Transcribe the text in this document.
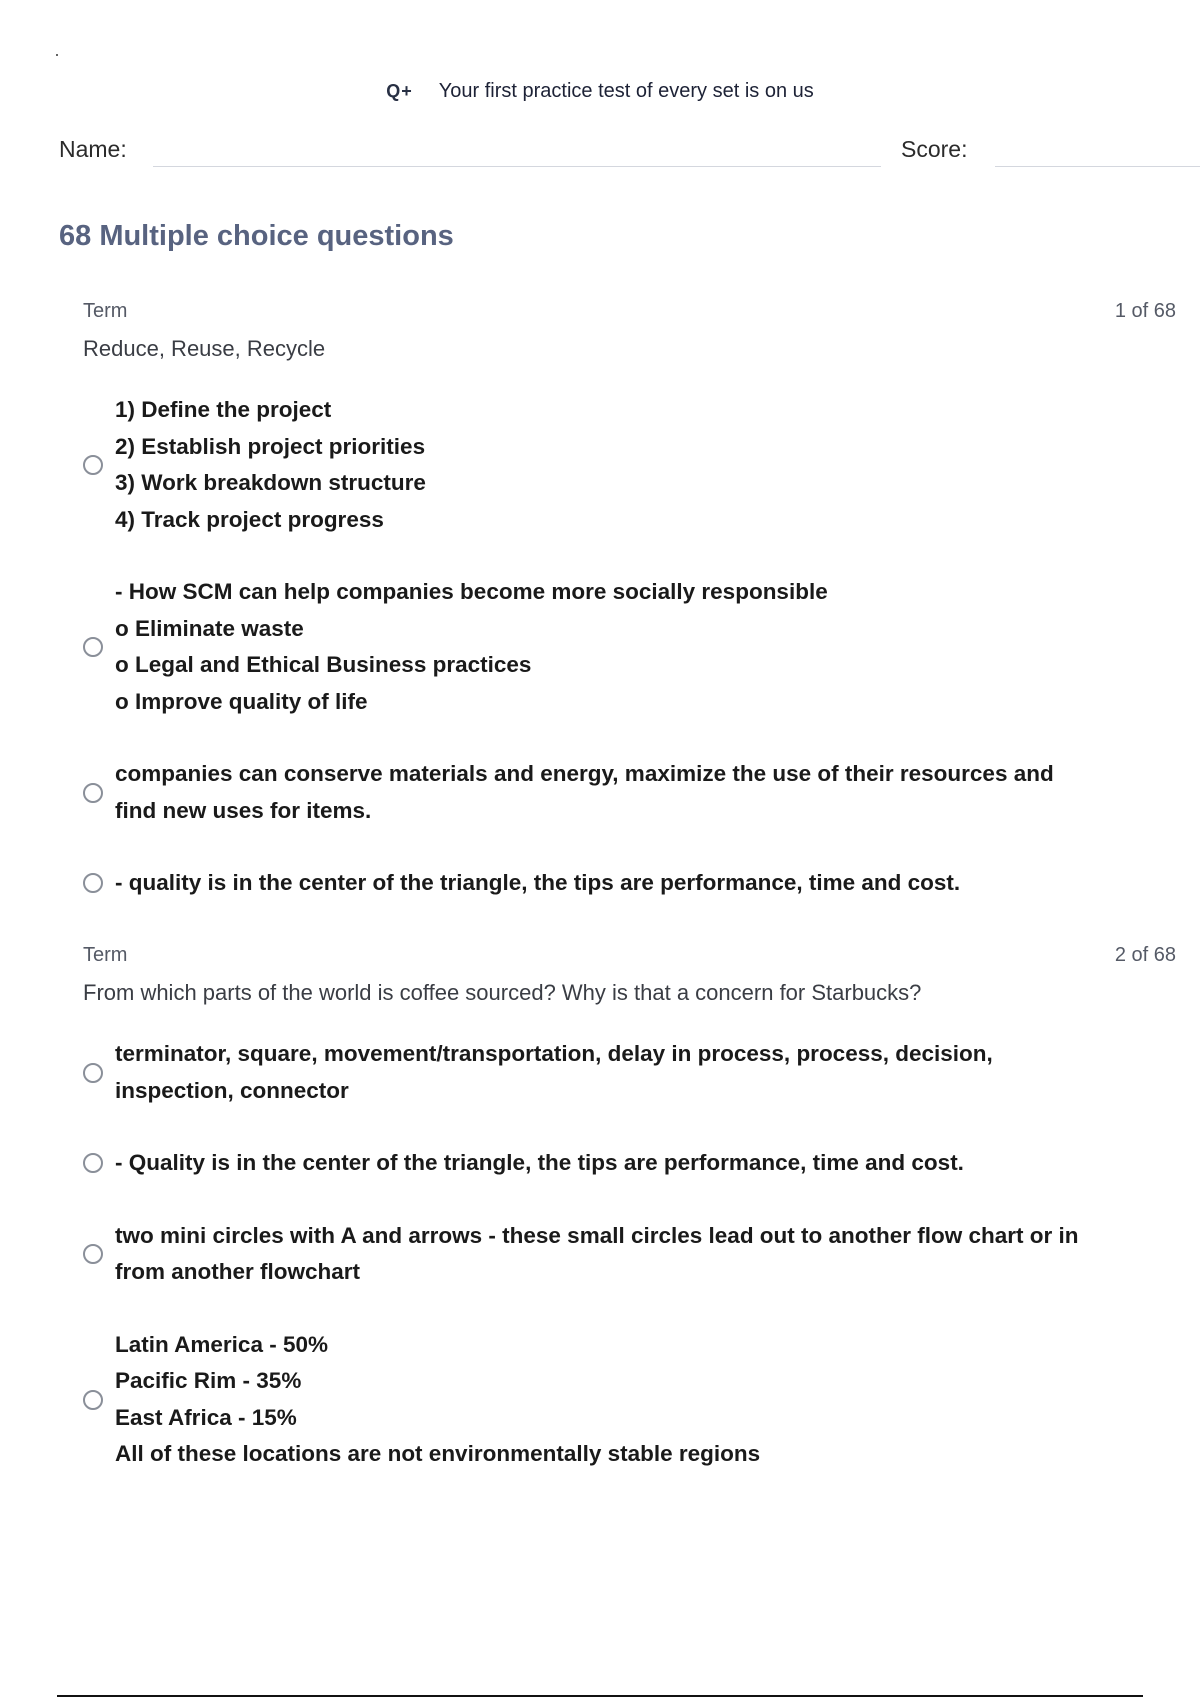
Q+ Your first practice test of every set is on us
Name:	Score:
68 Multiple choice questions
Term	1 of 68
Reduce, Reuse, Recycle
1) Define the project
2) Establish project priorities
3) Work breakdown structure
4) Track project progress
- How SCM can help companies become more socially responsible
o Eliminate waste
o Legal and Ethical Business practices
o Improve quality of life
companies can conserve materials and energy, maximize the use of their resources and
find new uses for items.
- quality is in the center of the triangle, the tips are performance, time and cost.
Term	2 of 68
From which parts of the world is coffee sourced? Why is that a concern for Starbucks?
terminator, square, movement/transportation, delay in process, process, decision,
inspection, connector
- Quality is in the center of the triangle, the tips are performance, time and cost.
two mini circles with A and arrows - these small circles lead out to another flow chart or in
from another flowchart
Latin America - 50%
Pacific Rim - 35%
East Africa - 15%
All of these locations are not environmentally stable regions
